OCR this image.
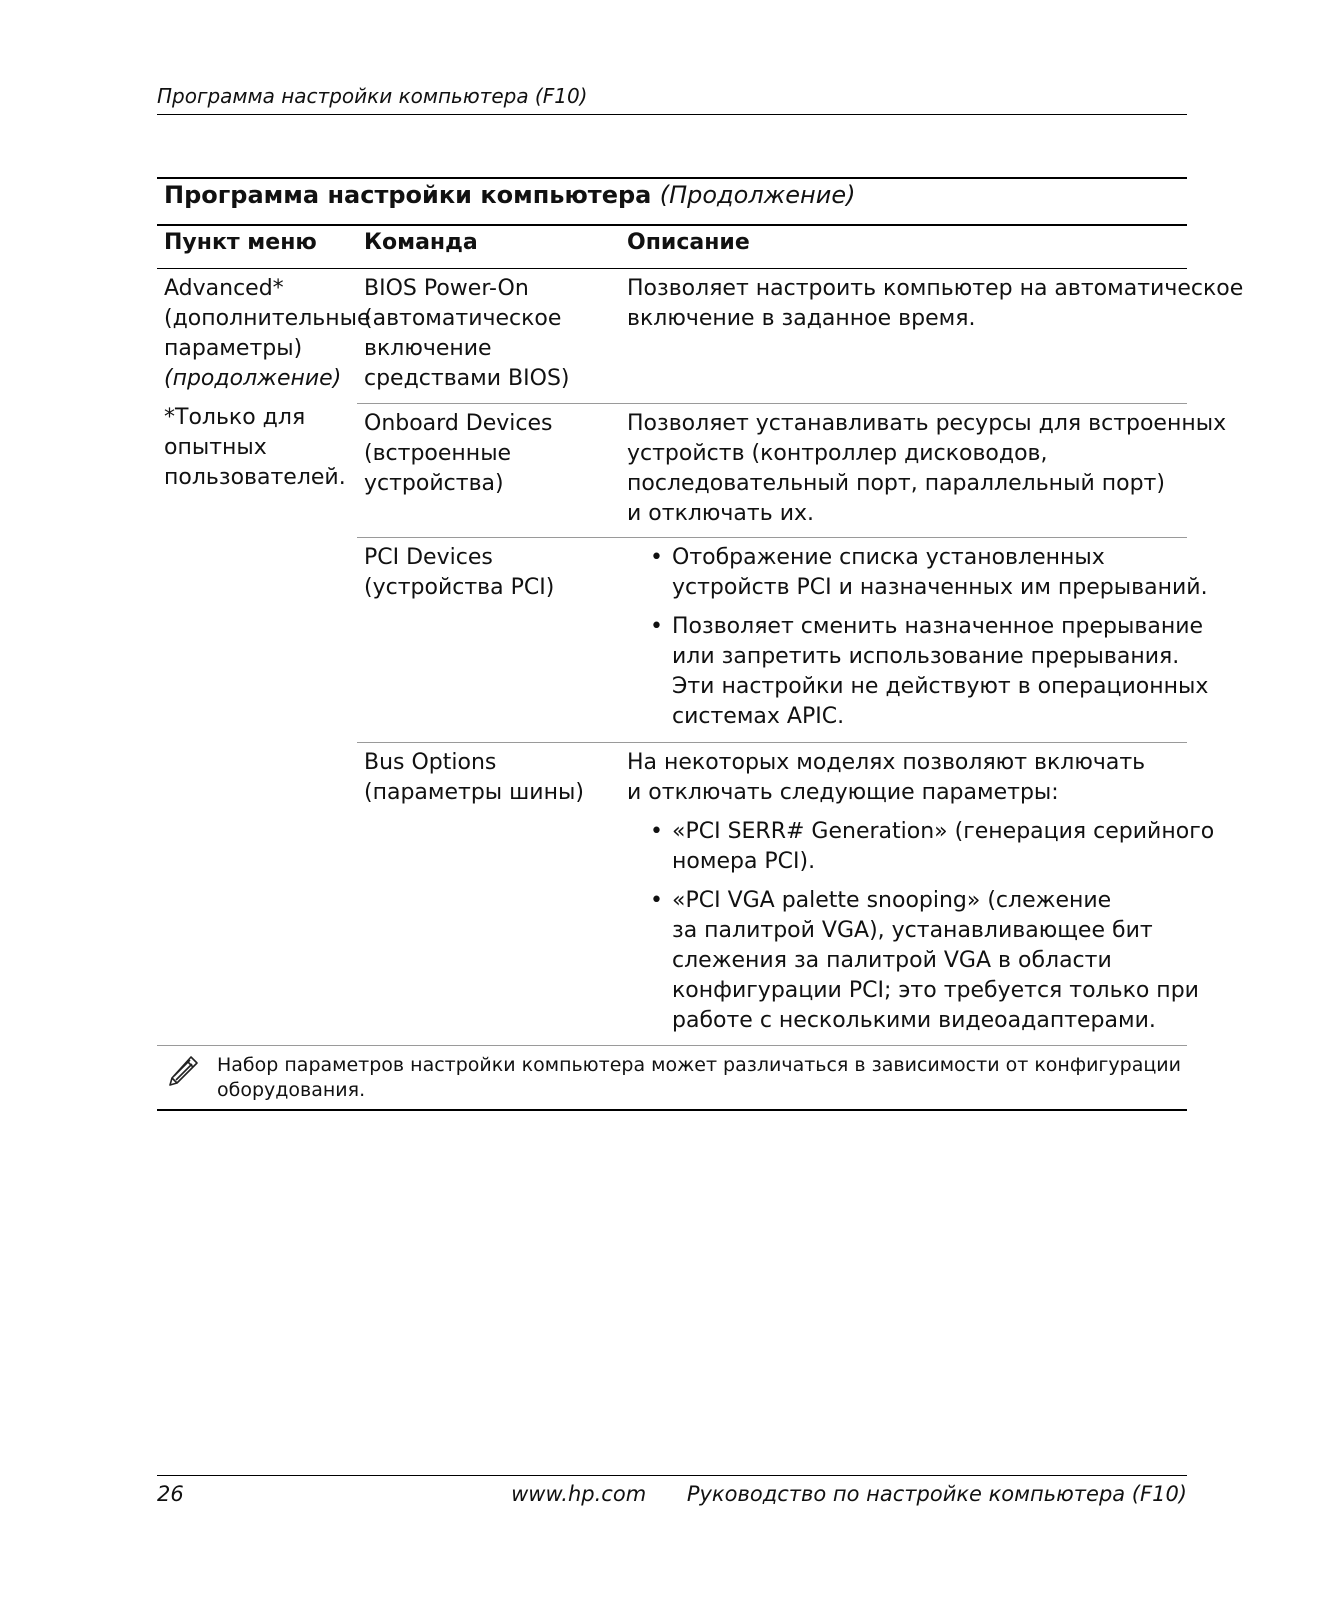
Программа настройки компьютера (F10)
Программа настройки компьютера (Продолжение)
Пункт меню Команда	Описание
Advanced*
(дополнительные
параметры)
(продолжение)
*Только для
опытных
пользователей.
BIOS Power-On
(автоматическое
включение
средствами BIOS)
Позволяет настроить компьютер на автоматическое
включение в заданное время.
Onboard Devices
(встроенные
устройства)
Позволяет устанавливать ресурсы для встроенных
устройств (контроллер дисководов,
последовательный порт, параллельный порт)
и отключать их.
PCI Devices
(устройства PCI)
• Отображение списка установленных
устройств PCI и назначенных им прерываний.
• Позволяет сменить назначенное прерывание
или запретить использование прерывания.
Эти настройки не действуют в операционных
системах APIC.
Bus Options
(параметры шины)
На некоторых моделях позволяют включать
и отключать следующие параметры:
• «PCI SERR# Generation» (генерация серийного
номера PCI).
• «PCI VGA palette snooping» (слежение
за палитрой VGA), устанавливающее бит
слежения за палитрой VGA в области
конфигурации PCI; это требуется только при
работе с несколькими видеоадаптерами.
Набор параметров настройки компьютера может различаться в зависимости от конфигурации
оборудования.
26	www.hp.com Руководство по настройке компьютера (F10)
